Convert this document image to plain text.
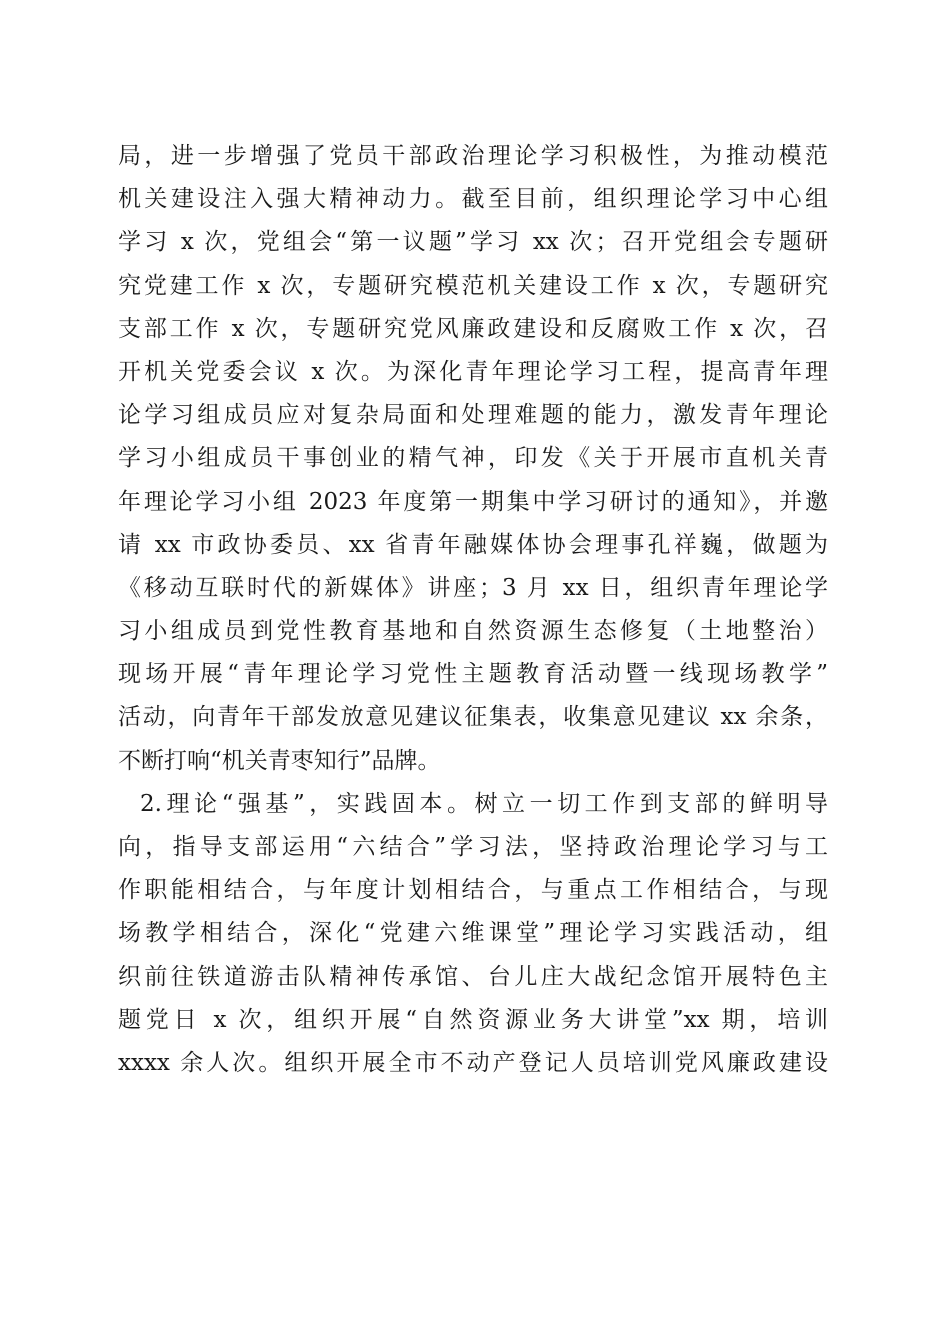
局，进一步增强了党员干部政治理论学习积极性，为推动模范
机关建设注入强大精神动力。截至目前，组织理论学习中心组
学习 x 次，党组会“第一议题”学习 xx 次；召开党组会专题研
究党建工作 x 次，专题研究模范机关建设工作 x 次，专题研究
支部工作 x 次，专题研究党风廉政建设和反腐败工作 x 次，召
开机关党委会议 x 次。为深化青年理论学习工程，提高青年理
论学习组成员应对复杂局面和处理难题的能力，激发青年理论
学习小组成员干事创业的精气神，印发《关于开展市直机关青
年理论学习小组 2023 年度第一期集中学习研讨的通知》，并邀
请 xx 市政协委员、xx 省青年融媒体协会理事孔祥巍，做题为
《移动互联时代的新媒体》讲座；3 月 xx 日，组织青年理论学
习小组成员到党性教育基地和自然资源生态修复（土地整治）
现场开展“青年理论学习党性主题教育活动暨一线现场教学”
活动，向青年干部发放意见建议征集表，收集意见建议 xx 余条，
不断打响“机关青枣知行”品牌。
2.理论“强基”，实践固本。树立一切工作到支部的鲜明导
向，指导支部运用“六结合”学习法，坚持政治理论学习与工
作职能相结合，与年度计划相结合，与重点工作相结合，与现
场教学相结合，深化“党建六维课堂”理论学习实践活动，组
织前往铁道游击队精神传承馆、台儿庄大战纪念馆开展特色主
题党日 x 次，组织开展“自然资源业务大讲堂”xx 期，培训
xxxx 余人次。组织开展全市不动产登记人员培训党风廉政建设
